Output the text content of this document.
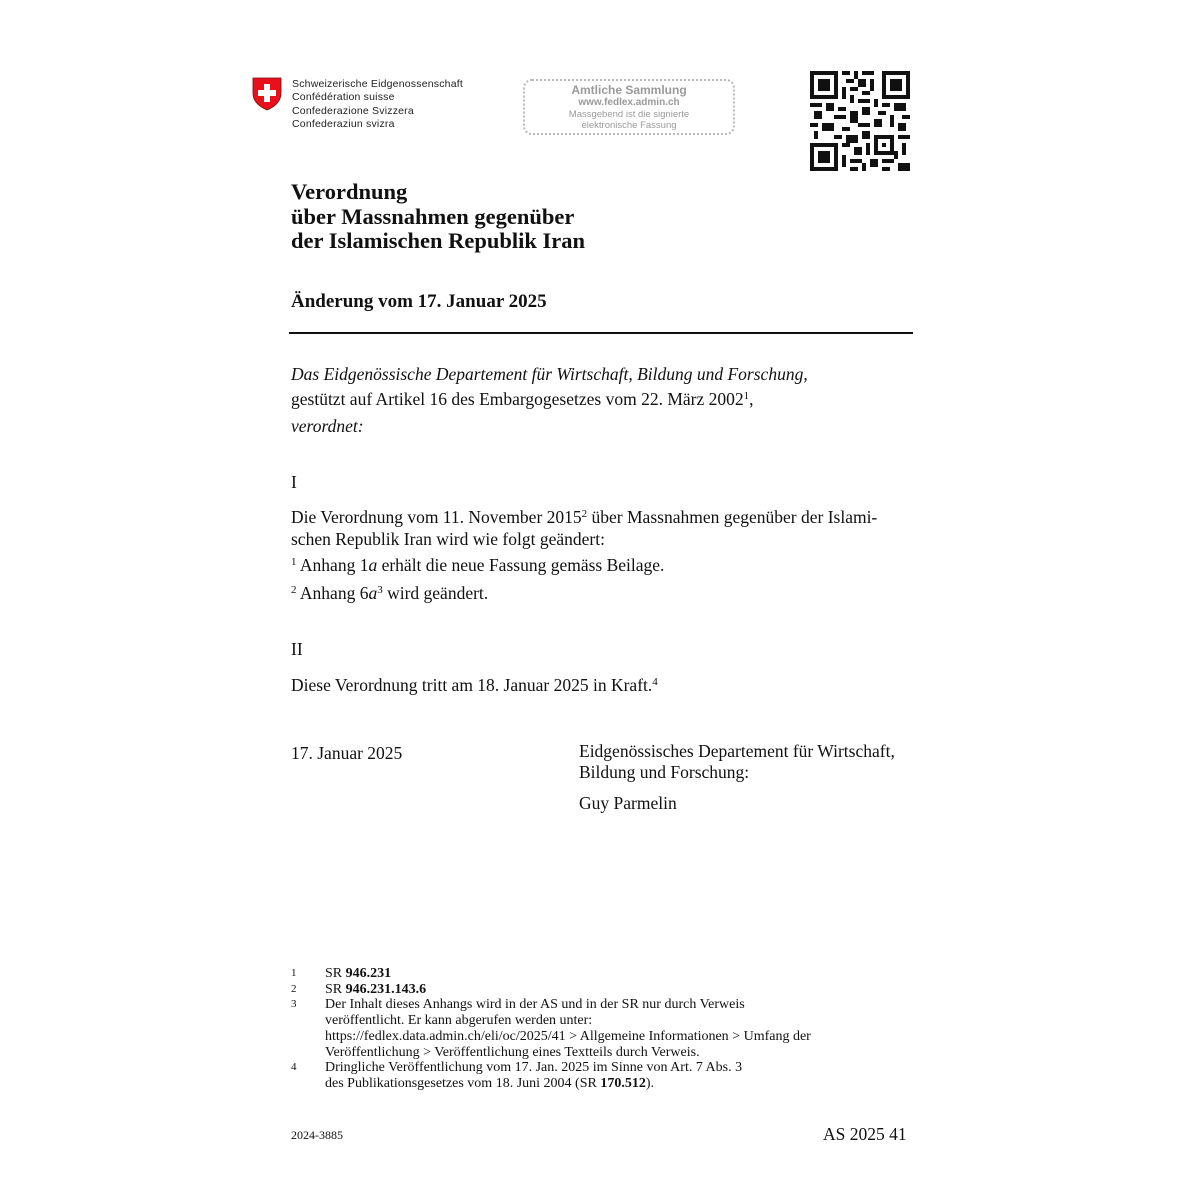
Schweizerische Eidgenossenschaft
Confédération suisse
Confederazione Svizzera
Confederaziun svizra
Amtliche Sammlung
www.fedlex.admin.ch
Massgebend ist die signierte
elektronische Fassung
Verordnung
über Massnahmen gegenüber
der Islamischen Republik Iran
Änderung vom 17. Januar 2025
Das Eidgenössische Departement für Wirtschaft, Bildung und Forschung,
gestützt auf Artikel 16 des Embargogesetzes vom 22. März 2002$^1$,
verordnet:
I
Die Verordnung vom 11. November 2015$^2$ über Massnahmen gegenüber der Islami-
schen Republik Iran wird wie folgt geändert:
$^1$ Anhang 1a erhält die neue Fassung gemäss Beilage.
$^2$ Anhang $6a^3$ wird geändert.
II
Diese Verordnung tritt am 18. Januar 2025 in Kraft.$^4$
17. Januar 2025	Eidgenössisches Departement für Wirtschaft,
Bildung und Forschung:
Guy Parmelin
1	SR 946.231
2	SR 946.231.143.6
3	Der Inhalt dieses Anhangs wird in der AS und in der SR nur durch Verweis
veröffentlicht. Er kann abgerufen werden unter:
https://fedlex.data.admin.ch/eli/oc/2025/41 > Allgemeine Informationen > Umfang der
Veröffentlichung > Veröffentlichung eines Textteils durch Verweis.
4	Dringliche Veröffentlichung vom 17. Jan. 2025 im Sinne von Art. 7 Abs. 3
des Publikationsgesetzes vom 18. Juni 2004 (SR 170.512).
2024-3885	AS 2025 41
